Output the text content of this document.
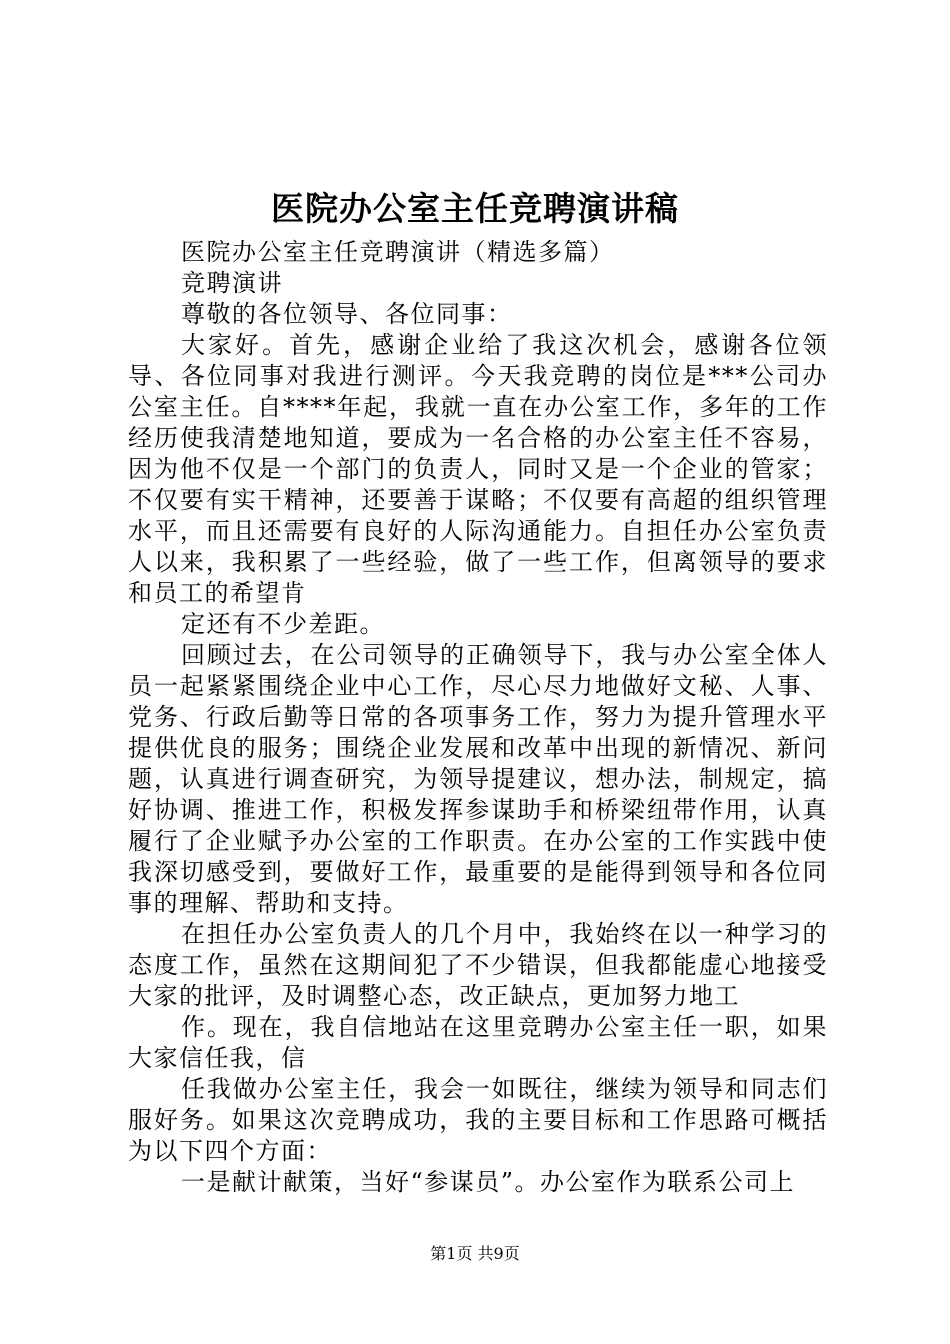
医院办公室主任竞聘演讲稿

医院办公室主任竞聘演讲（精选多篇）

竞聘演讲

尊敬的各位领导、各位同事：

大家好。首先，感谢企业给了我这次机会，感谢各位领导、各位同事对我进行测评。今天我竞聘的岗位是***公司办公室主任。自****年起，我就一直在办公室工作，多年的工作经历使我清楚地知道，要成为一名合格的办公室主任不容易，因为他不仅是一个部门的负责人，同时又是一个企业的管家；不仅要有实干精神，还要善于谋略；不仅要有高超的组织管理水平，而且还需要有良好的人际沟通能力。自担任办公室负责人以来，我积累了一些经验，做了一些工作，但离领导的要求和员工的希望肯

定还有不少差距。

回顾过去，在公司领导的正确领导下，我与办公室全体人员一起紧紧围绕企业中心工作，尽心尽力地做好文秘、人事、党务、行政后勤等日常的各项事务工作，努力为提升管理水平提供优良的服务；围绕企业发展和改革中出现的新情况、新问题，认真进行调查研究，为领导提建议，想办法，制规定，搞好协调、推进工作，积极发挥参谋助手和桥梁纽带作用，认真履行了企业赋予办公室的工作职责。在办公室的工作实践中使我深切感受到，要做好工作，最重要的是能得到领导和各位同事的理解、帮助和支持。

在担任办公室负责人的几个月中，我始终在以一种学习的态度工作，虽然在这期间犯了不少错误，但我都能虚心地接受大家的批评，及时调整心态，改正缺点，更加努力地工

作。现在，我自信地站在这里竞聘办公室主任一职，如果大家信任我，信

任我做办公室主任，我会一如既往，继续为领导和同志们服好务。如果这次竞聘成功，我的主要目标和工作思路可概括为以下四个方面：

一是献计献策，当好“参谋员”。办公室作为联系公司上

第1页 共9页
